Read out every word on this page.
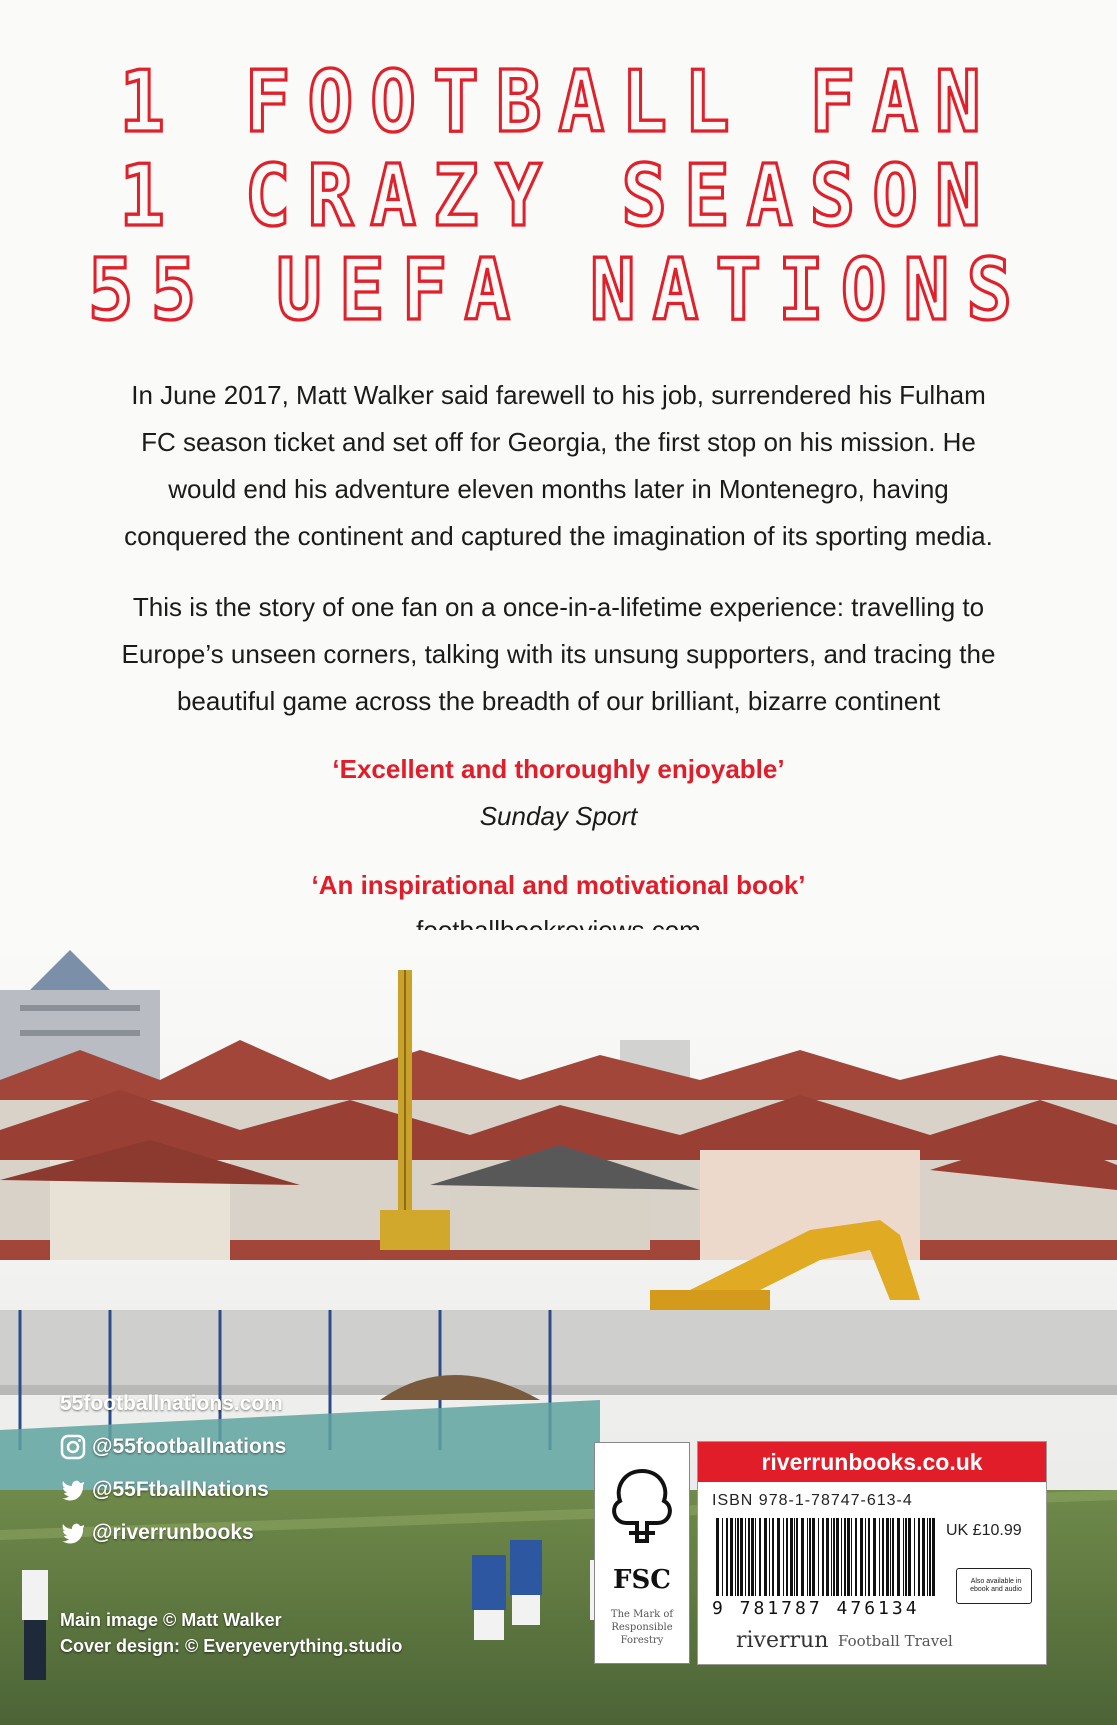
1 FOOTBALL FAN
1 CRAZY SEASON
55 UEFA NATIONS
In June 2017, Matt Walker said farewell to his job, surrendered his Fulham FC season ticket and set off for Georgia, the first stop on his mission. He would end his adventure eleven months later in Montenegro, having conquered the continent and captured the imagination of its sporting media.
This is the story of one fan on a once-in-a-lifetime experience: travelling to Europe’s unseen corners, talking with its unsung supporters, and tracing the beautiful game across the breadth of our brilliant, bizarre continent
‘Excellent and thoroughly enjoyable’
Sunday Sport
‘An inspirational and motivational book’
55footballnations.com
@55footballnations
@55FtballNations
@riverrunbooks
Main image © Matt Walker
Cover design: © Everyeverything.studio
FSC
The Mark of Responsible Forestry
riverrunbooks.co.uk
ISBN 978-1-78747-613-4
UK £10.99
9 781787 476134
Also available in ebook and audio
riverrun Football Travel
